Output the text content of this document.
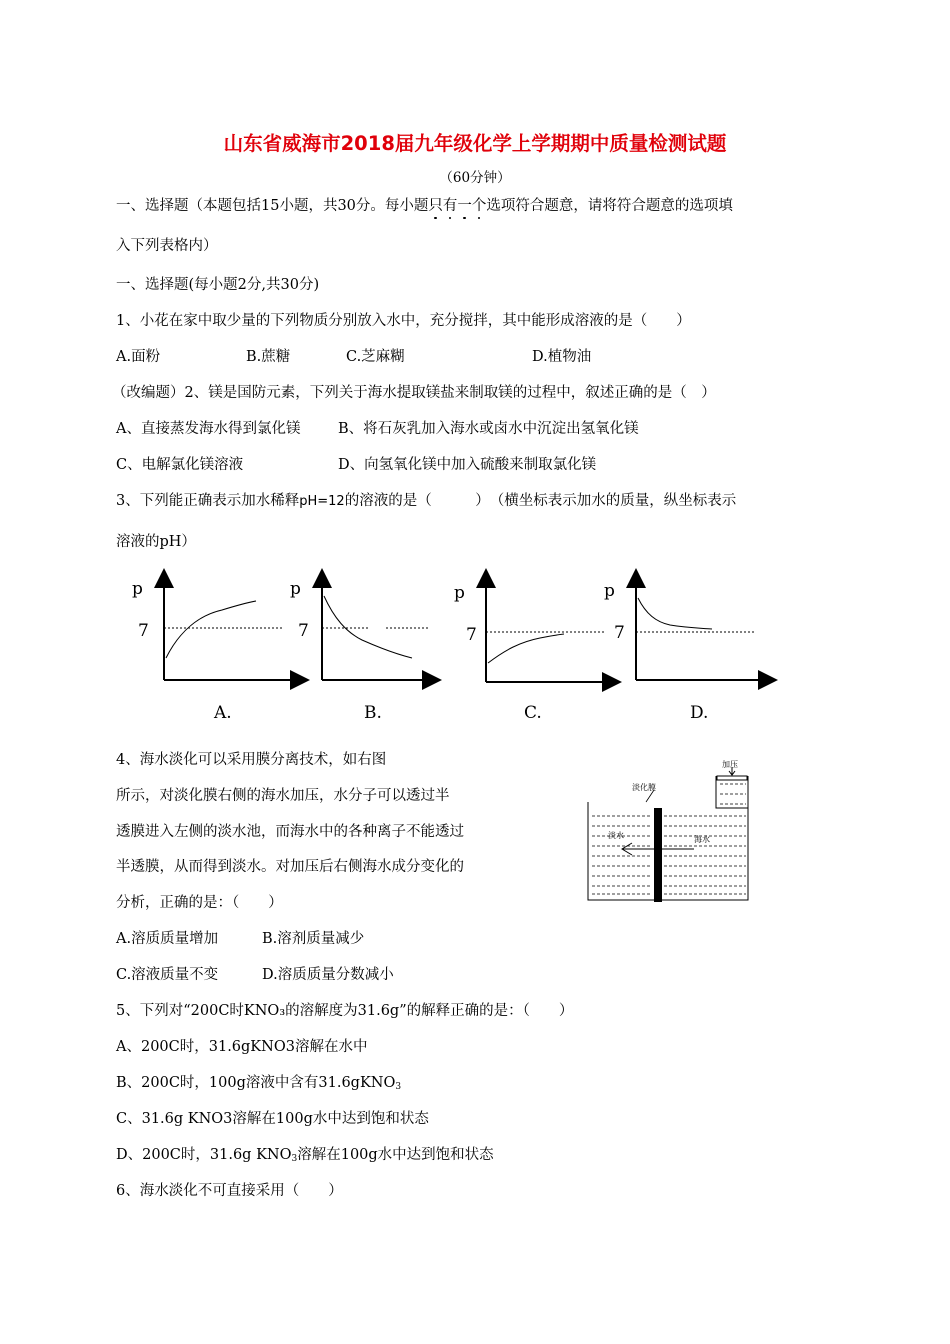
山东省威海市2018届九年级化学上学期期中质量检测试题
（60分钟）
一、选择题（本题包括15小题，共30分。每小题只有一个选项符合题意，请将符合题意的选项填
入下列表格内）
一、选择题(每小题2分,共30分)
1、小花在家中取少量的下列物质分别放入水中，充分搅拌，其中能形成溶液的是（　　）
A.面粉	B.蔗糖	C.芝麻糊	D.植物油
（改编题）2、镁是国防元素，下列关于海水提取镁盐来制取镁的过程中，叙述正确的是（　）
A、直接蒸发海水得到氯化镁	B、将石灰乳加入海水或卤水中沉淀出氢氧化镁
C、电解氯化镁溶液	D、向氢氧化镁中加入硫酸来制取氯化镁
3、下列能正确表示加水稀释pH=12的溶液的是（　　　）　（横坐标表示加水的质量，纵坐标表示
溶液的pH）
p
7
A.
p
7
B.
p
7
C.
p
7
D.
4、海水淡化可以采用膜分离技术，如右图
所示，对淡化膜右侧的海水加压，水分子可以透过半
透膜进入左侧的淡水池，而海水中的各种离子不能透过
半透膜，从而得到淡水。对加压后右侧海水成分变化的
分析，正确的是：（　　）
淡化膜
加压
淡水	海水
A.溶质质量增加	B.溶剂质量减少
C.溶液质量不变	D.溶质质量分数减小
5、下列对“200C时KNO₃的溶解度为31.6g”的解释正确的是：（　　）
A、200C时，31.6gKNO3溶解在水中
B、200C时，100g溶液中含有31.6gKNO$_3$
C、31.6g KNO3溶解在100g水中达到饱和状态
D、200C时，31.6g $KNO_3$溶解在100g水中达到饱和状态
6、海水淡化不可直接采用（　　）
